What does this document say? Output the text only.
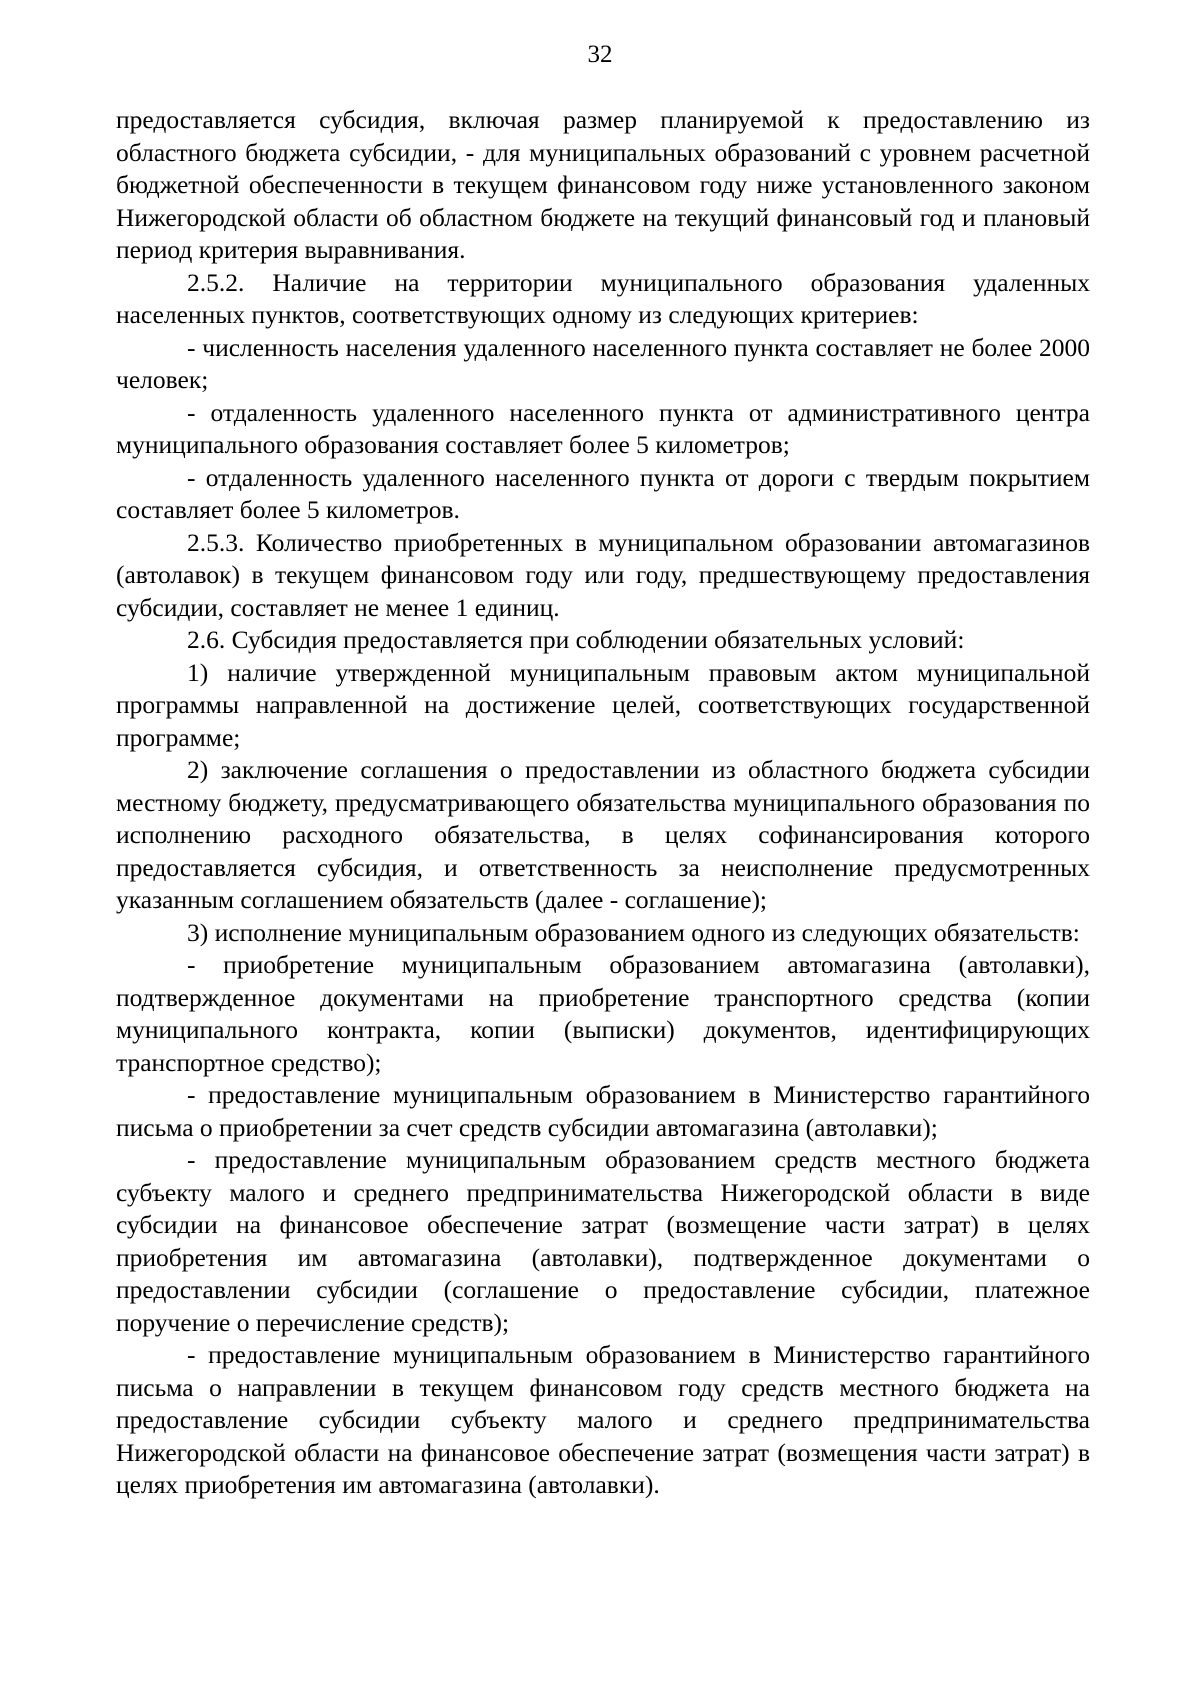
32

предоставляется субсидия, включая размер планируемой к предоставлению из областного бюджета субсидии, - для муниципальных образований с уровнем расчетной бюджетной обеспеченности в текущем финансовом году ниже установленного законом Нижегородской области об областном бюджете на текущий финансовый год и плановый период критерия выравнивания.

2.5.2. Наличие на территории муниципального образования удаленных населенных пунктов, соответствующих одному из следующих критериев:

- численность населения удаленного населенного пункта составляет не более 2000 человек;

- отдаленность удаленного населенного пункта от административного центра муниципального образования составляет более 5 километров;

- отдаленность удаленного населенного пункта от дороги с твердым покрытием составляет более 5 километров.

2.5.3. Количество приобретенных в муниципальном образовании автомагазинов (автолавок) в текущем финансовом году или году, предшествующему предоставления субсидии, составляет не менее 1 единиц.

2.6. Субсидия предоставляется при соблюдении обязательных условий:

1) наличие утвержденной муниципальным правовым актом муниципальной программы направленной на достижение целей, соответствующих государственной программе;

2) заключение соглашения о предоставлении из областного бюджета субсидии местному бюджету, предусматривающего обязательства муниципального образования по исполнению расходного обязательства, в целях софинансирования которого предоставляется субсидия, и ответственность за неисполнение предусмотренных указанным соглашением обязательств (далее - соглашение);

3) исполнение муниципальным образованием одного из следующих обязательств:

- приобретение муниципальным образованием автомагазина (автолавки), подтвержденное документами на приобретение транспортного средства (копии муниципального контракта, копии (выписки) документов, идентифицирующих транспортное средство);

- предоставление муниципальным образованием в Министерство гарантийного письма о приобретении за счет средств субсидии автомагазина (автолавки);

- предоставление муниципальным образованием средств местного бюджета субъекту малого и среднего предпринимательства Нижегородской области в виде субсидии на финансовое обеспечение затрат (возмещение части затрат) в целях приобретения им автомагазина (автолавки), подтвержденное документами о предоставлении субсидии (соглашение о предоставление субсидии, платежное поручение о перечисление средств);

- предоставление муниципальным образованием в Министерство гарантийного письма о направлении в текущем финансовом году средств местного бюджета на предоставление субсидии субъекту малого и среднего предпринимательства Нижегородской области на финансовое обеспечение затрат (возмещения части затрат) в целях приобретения им автомагазина (автолавки).
